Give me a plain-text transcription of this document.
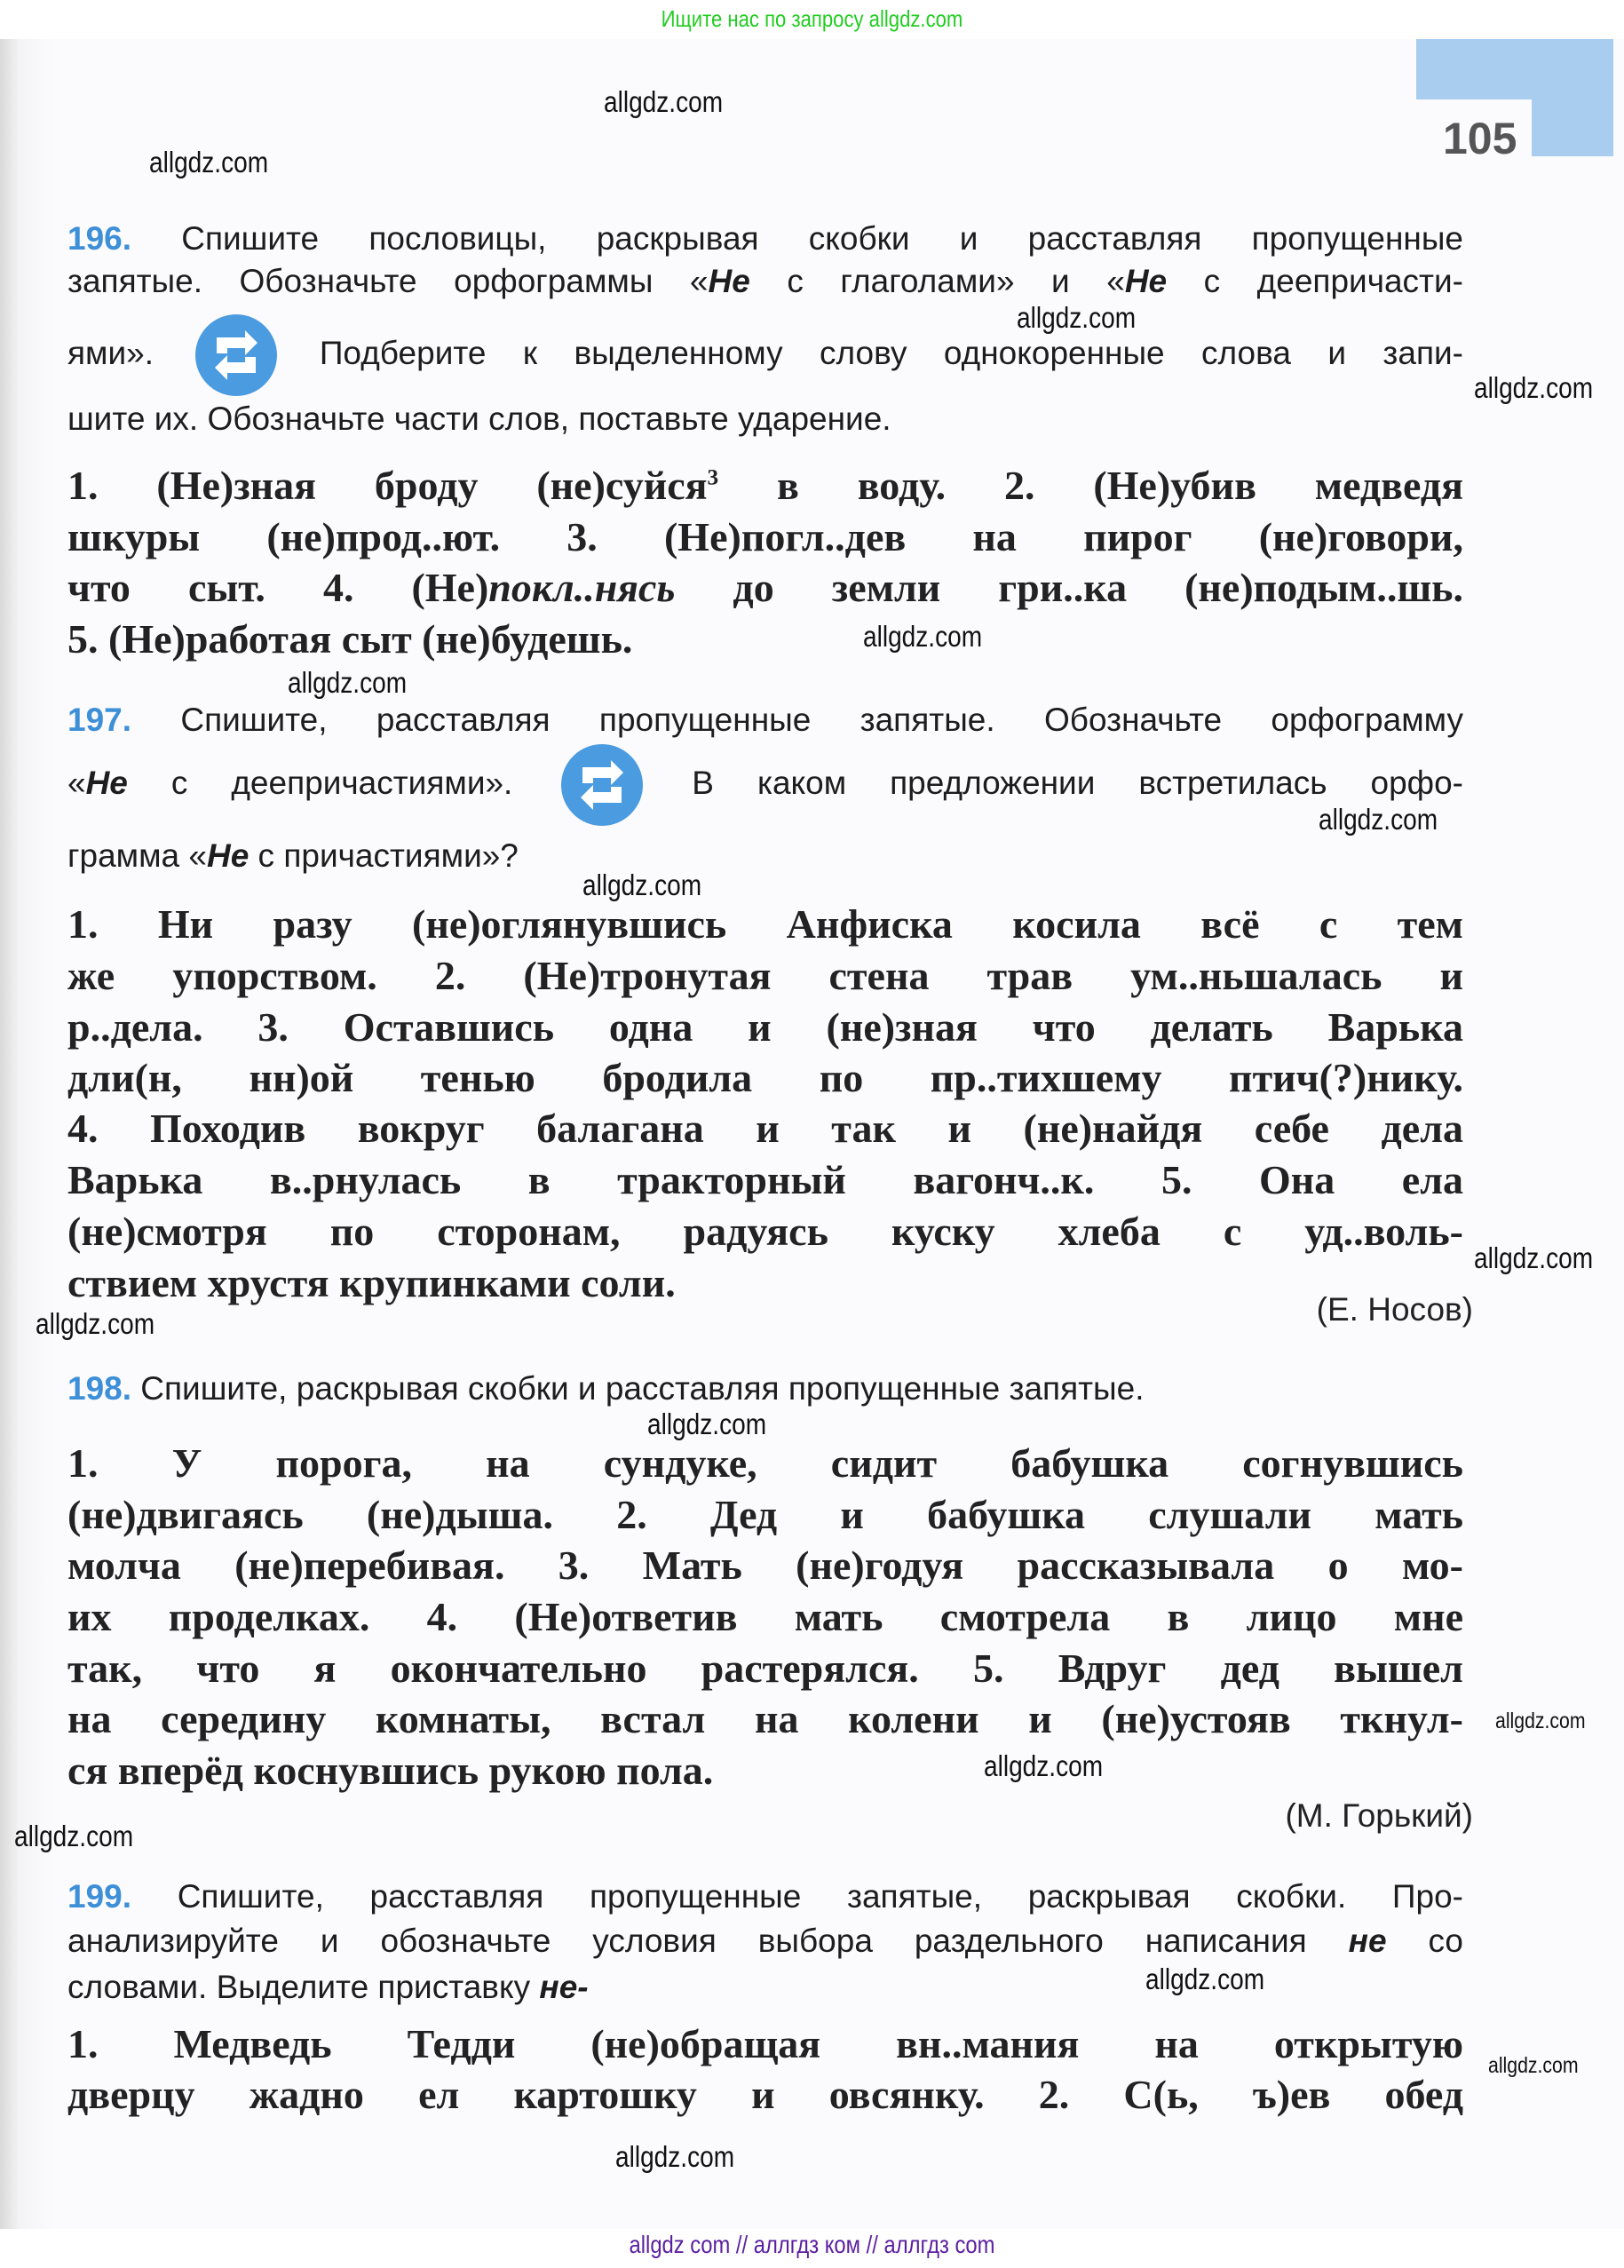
Ищите нас по запросу allgdz.com
105
196. Спишите пословицы, раскрывая скобки и расставляя пропущенные
запятые. Обозначьте орфограммы «Не с глаголами» и «Не с деепричасти-
ями».	Подберите к выделенному слову однокоренные слова и запи-
шите их. Обозначьте части слов, поставьте ударение.
1. (Не)зная броду (не)суйся$^3$ в воду. 2. (Не)убив медведя
шкуры (не)прод..ют. 3. (Не)погл..дев на пирог (не)говори,
что сыт. 4. (Не)покл..нясь до земли гри..ка (не)подым..шь.
5. (Не)работая сыт (не)будешь.
197. Спишите, расставляя пропущенные запятые. Обозначьте орфограмму
«Не с деепричастиями».	В каком предложении встретилась орфо-
грамма «Не с причастиями»?
1. Ни разу (не)оглянувшись Анфиска косила всё с тем
же упорством. 2. (Не)тронутая стена трав ум..ньшалась и
р..дела. 3. Оставшись одна и (не)зная что делать Варька
дли(н, нн)ой тенью бродила по пр..тихшему птич(?)нику.
4. Походив вокруг балагана и так и (не)найдя себе дела
Варька в..рнулась в тракторный вагонч..к. 5. Она ела
(не)смотря по сторонам, радуясь куску хлеба с уд..воль-
ствием хрустя крупинками соли.
198. Спишите, раскрывая скобки и расставляя пропущенные запятые.
1. У порога, на сундуке, сидит бабушка согнувшись
(не)двигаясь (не)дыша. 2. Дед и бабушка слушали мать
молча (не)перебивая. 3. Мать (не)годуя рассказывала о мо-
их проделках. 4. (Не)ответив мать смотрела в лицо мне
так, что я окончательно растерялся. 5. Вдруг дед вышел
на середину комнаты, встал на колени и (не)устояв ткнул-
ся вперёд коснувшись рукою пола.
199. Спишите, расставляя пропущенные запятые, раскрывая скобки. Про-
анализируйте и обозначьте условия выбора раздельного написания не со
словами. Выделите приставку не-
1. Медведь Тедди (не)обращая вн..мания на открытую
дверцу жадно ел картошку и овсянку. 2. С(ь, ъ)ев обед
(Е. Носов)
(М. Горький)
allgdz.com
allgdz.com
allgdz.com
allgdz.com
allgdz.com
allgdz.com
allgdz.com
allgdz.com
allgdz.com
allgdz.com
allgdz.com
allgdz.com
allgdz.com
allgdz.com
allgdz.com
allgdz.com
allgdz.com
allgdz com // аллгдз ком // аллгдз com
